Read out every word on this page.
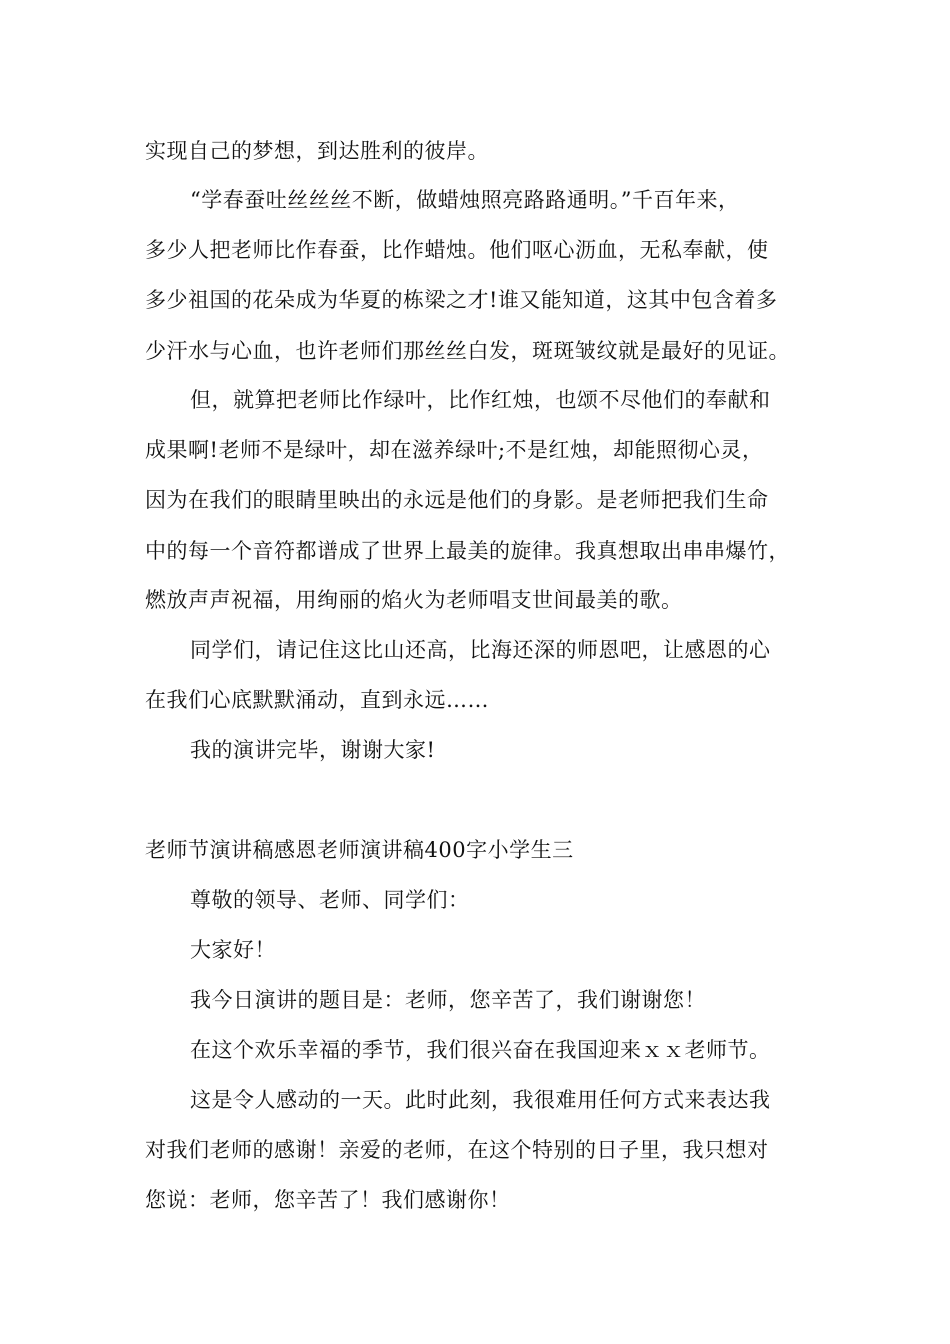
实现自己的梦想，到达胜利的彼岸。
“学春蚕吐丝丝丝不断，做蜡烛照亮路路通明。”千百年来，
多少人把老师比作春蚕，比作蜡烛。他们呕心沥血，无私奉献，使
多少祖国的花朵成为华夏的栋梁之才!谁又能知道，这其中包含着多
少汗水与心血，也许老师们那丝丝白发，斑斑皱纹就是最好的见证。
但，就算把老师比作绿叶，比作红烛，也颂不尽他们的奉献和
成果啊!老师不是绿叶，却在滋养绿叶;不是红烛，却能照彻心灵，
因为在我们的眼睛里映出的永远是他们的身影。是老师把我们生命
中的每一个音符都谱成了世界上最美的旋律。我真想取出串串爆竹，
燃放声声祝福，用绚丽的焰火为老师唱支世间最美的歌。
同学们，请记住这比山还高，比海还深的师恩吧，让感恩的心
在我们心底默默涌动，直到永远……
我的演讲完毕，谢谢大家!
老师节演讲稿感恩老师演讲稿400字小学生三
尊敬的领导、老师、同学们：
大家好！
我今日演讲的题目是：老师，您辛苦了，我们谢谢您！
在这个欢乐幸福的季节，我们很兴奋在我国迎来ｘｘ老师节。
这是令人感动的一天。此时此刻，我很难用任何方式来表达我
对我们老师的感谢！亲爱的老师，在这个特别的日子里，我只想对
您说：老师，您辛苦了！我们感谢你！
